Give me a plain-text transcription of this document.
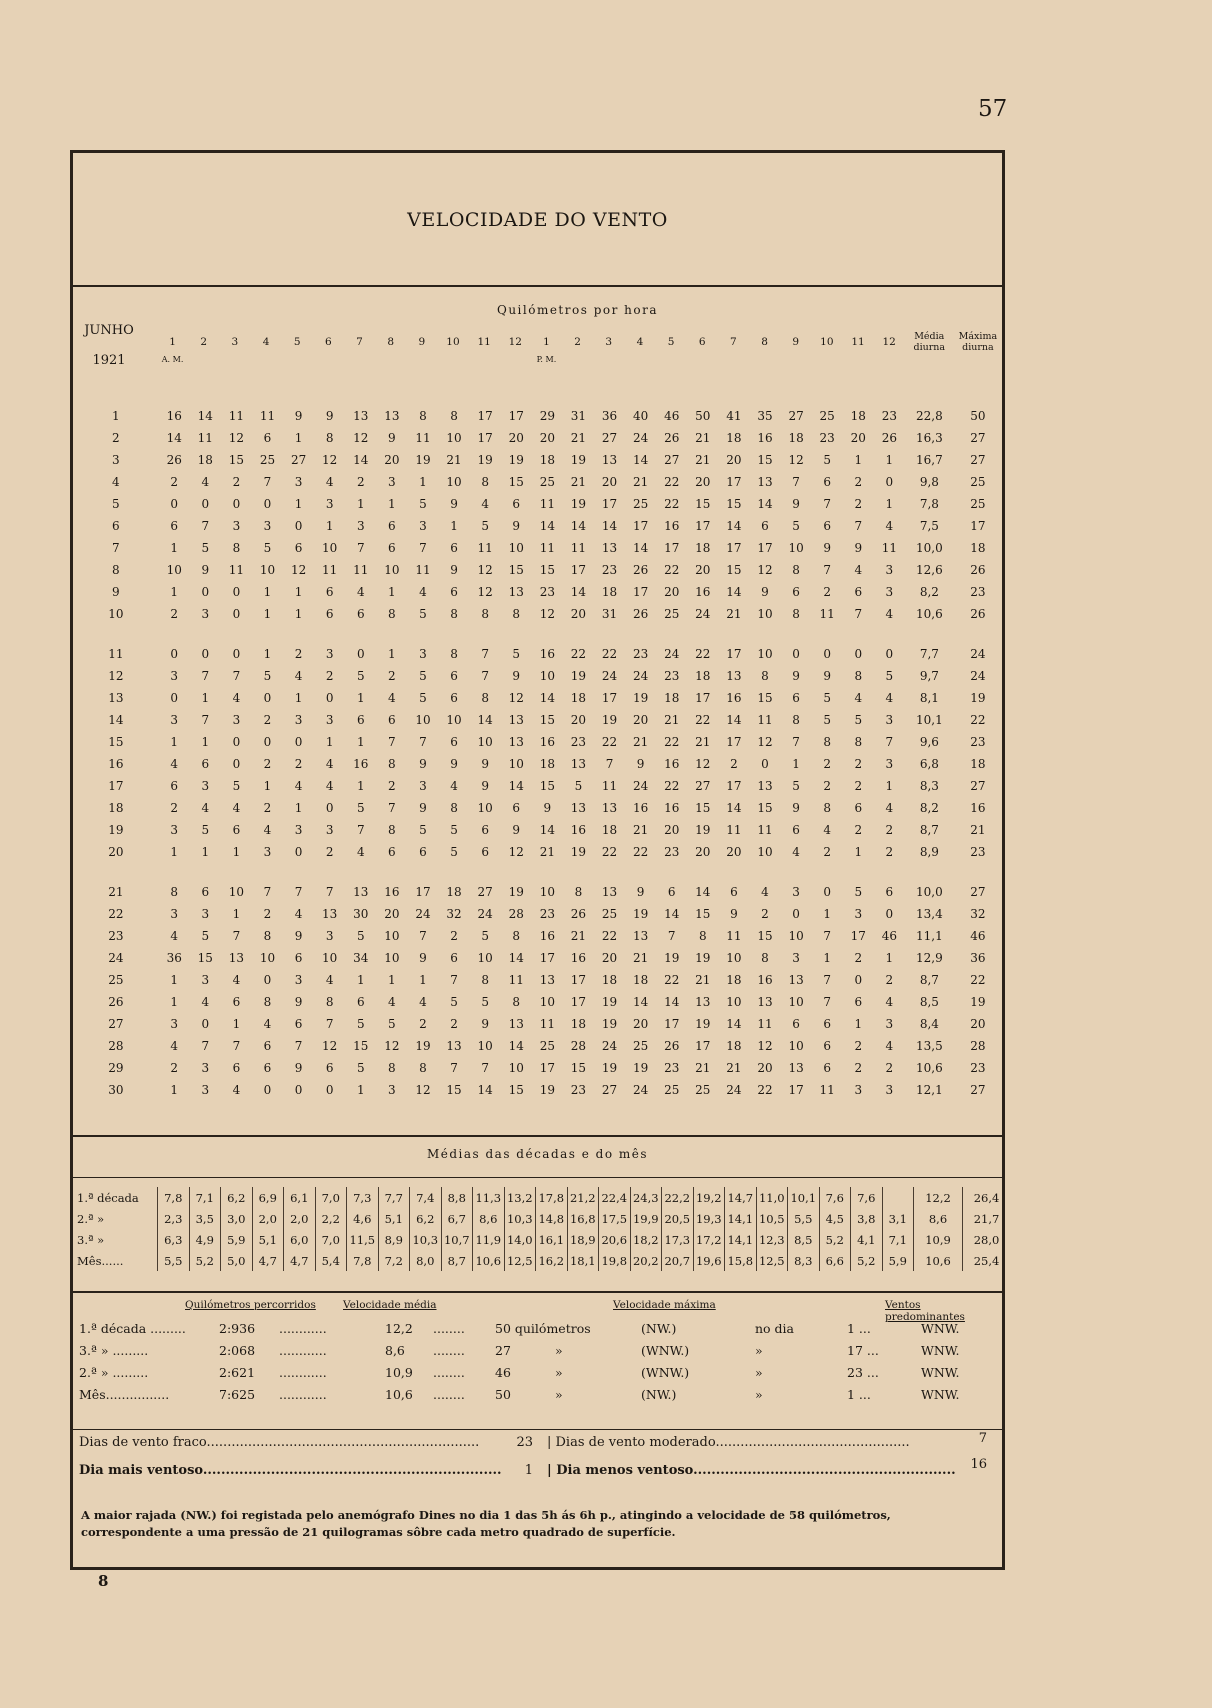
57
VELOCIDADE DO VENTO
JUNHO
1921
Quilómetros por hora
1	2	3	4	5	6	7	8	9	10	11	12	1	2	3	4	5	6	7	8	9	10	11	12	Média diurna	Máxima diurna
A. M.												P. M.													
1	16	14	11	11	9	9	13	13	8	8	17	17	29	31	36	40	46	50	41	35	27	25	18	23	22,8	50
2	14	11	12	6	1	8	12	9	11	10	17	20	20	21	27	24	26	21	18	16	18	23	20	26	16,3	27
3	26	18	15	25	27	12	14	20	19	21	19	19	18	19	13	14	27	21	20	15	12	5	1	1	16,7	27
4	2	4	2	7	3	4	2	3	1	10	8	15	25	21	20	21	22	20	17	13	7	6	2	0	9,8	25
5	0	0	0	0	1	3	1	1	5	9	4	6	11	19	17	25	22	15	15	14	9	7	2	1	7,8	25
6	6	7	3	3	0	1	3	6	3	1	5	9	14	14	14	17	16	17	14	6	5	6	7	4	7,5	17
7	1	5	8	5	6	10	7	6	7	6	11	10	11	11	13	14	17	18	17	17	10	9	9	11	10,0	18
8	10	9	11	10	12	11	11	10	11	9	12	15	15	17	23	26	22	20	15	12	8	7	4	3	12,6	26
9	1	0	0	1	1	6	4	1	4	6	12	13	23	14	18	17	20	16	14	9	6	2	6	3	8,2	23
10	2	3	0	1	1	6	6	8	5	8	8	8	12	20	31	26	25	24	21	10	8	11	7	4	10,6	26

11	0	0	0	1	2	3	0	1	3	8	7	5	16	22	22	23	24	22	17	10	0	0	0	0	7,7	24
12	3	7	7	5	4	2	5	2	5	6	7	9	10	19	24	24	23	18	13	8	9	9	8	5	9,7	24
13	0	1	4	0	1	0	1	4	5	6	8	12	14	18	17	19	18	17	16	15	6	5	4	4	8,1	19
14	3	7	3	2	3	3	6	6	10	10	14	13	15	20	19	20	21	22	14	11	8	5	5	3	10,1	22
15	1	1	0	0	0	1	1	7	7	6	10	13	16	23	22	21	22	21	17	12	7	8	8	7	9,6	23
16	4	6	0	2	2	4	16	8	9	9	9	10	18	13	7	9	16	12	2	0	1	2	2	3	6,8	18
17	6	3	5	1	4	4	1	2	3	4	9	14	15	5	11	24	22	27	17	13	5	2	2	1	8,3	27
18	2	4	4	2	1	0	5	7	9	8	10	6	9	13	13	16	16	15	14	15	9	8	6	4	8,2	16
19	3	5	6	4	3	3	7	8	5	5	6	9	14	16	18	21	20	19	11	11	6	4	2	2	8,7	21
20	1	1	1	3	0	2	4	6	6	5	6	12	21	19	22	22	23	20	20	10	4	2	1	2	8,9	23

21	8	6	10	7	7	7	13	16	17	18	27	19	10	8	13	9	6	14	6	4	3	0	5	6	10,0	27
22	3	3	1	2	4	13	30	20	24	32	24	28	23	26	25	19	14	15	9	2	0	1	3	0	13,4	32
23	4	5	7	8	9	3	5	10	7	2	5	8	16	21	22	13	7	8	11	15	10	7	17	46	11,1	46
24	36	15	13	10	6	10	34	10	9	6	10	14	17	16	20	21	19	19	10	8	3	1	2	1	12,9	36
25	1	3	4	0	3	4	1	1	1	7	8	11	13	17	18	18	22	21	18	16	13	7	0	2	8,7	22
26	1	4	6	8	9	8	6	4	4	5	5	8	10	17	19	14	14	13	10	13	10	7	6	4	8,5	19
27	3	0	1	4	6	7	5	5	2	2	9	13	11	18	19	20	17	19	14	11	6	6	1	3	8,4	20
28	4	7	7	6	7	12	15	12	19	13	10	14	25	28	24	25	26	17	18	12	10	6	2	4	13,5	28
29	2	3	6	6	9	6	5	8	8	7	7	10	17	15	19	19	23	21	21	20	13	6	2	2	10,6	23
30	1	3	4	0	0	0	1	3	12	15	14	15	19	23	27	24	25	25	24	22	17	11	3	3	12,1	27
Médias das décadas e do mês
1.ª década	7,8	7,1	6,2	6,9	6,1	7,0	7,3	7,7	7,4	8,8	11,3	13,2	17,8	21,2	22,4	24,3	22,2	19,2	14,7	11,0	10,1	7,6	7,6		12,2	26,4
2.ª »	2,3	3,5	3,0	2,0	2,0	2,2	4,6	5,1	6,2	6,7	8,6	10,3	14,8	16,8	17,5	19,9	20,5	19,3	14,1	10,5	5,5	4,5	3,8	3,1	8,6	21,7
3.ª »	6,3	4,9	5,9	5,1	6,0	7,0	11,5	8,9	10,3	10,7	11,9	14,0	16,1	18,9	20,6	18,2	17,3	17,2	14,1	12,3	8,5	5,2	4,1	7,1	10,9	28,0
Mês......	5,5	5,2	5,0	4,7	4,7	5,4	7,8	7,2	8,0	8,7	10,6	12,5	16,2	18,1	19,8	20,2	20,7	19,6	15,8	12,5	8,3	6,6	5,2	5,9	10,6	25,4
Quilómetros percorridos	Velocidade média	Velocidade máxima	Ventos predominantes
1.ª década .........	2:936 ............	12,2 ........ 50 quilómetros	(NW.)	no dia	1 ...	WNW.
3.ª » .........	2:068 ............	8,6 ........ 27	»	(WNW.)	»	17 ...	WNW.
2.ª » .........	2:621 ............	10,9 ........ 46	»	(WNW.)	»	23 ...	WNW.
Mês................	7:625 ............	10,6 ........ 50	»	(NW.)	»	1 ...	WNW.
Dias de vento fraco..................................................................	23 | Dias de vento moderado...............................................	7
Dia mais ventoso..................................................................	1 | Dia menos ventoso..........................................................	16
A maior rajada (NW.) foi registada pelo anemógrafo Dines no dia 1 das 5h ás 6h p., atingindo a velocidade de 58 quilómetros, correspondente a uma pressão de 21 quilogramas sôbre cada metro quadrado de superfície.
8
